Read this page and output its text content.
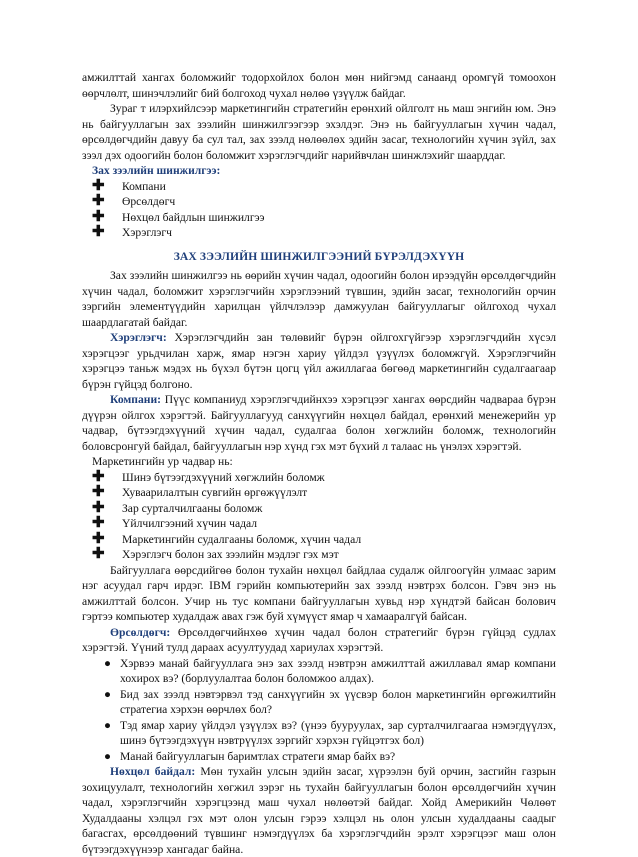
амжилттай хангах боломжийг тодорхойлох болон мөн нийгэмд санаанд оромгүй томоохон өөрчлөлт, шинэчлэлийг бий болгоход чухал нөлөө үзүүлж байдаг.

Зураг т илэрхийлсээр маркетингийн стратегийн ерөнхий ойлголт нь маш энгийн юм. Энэ нь байгууллагын зах зээлийн шинжилгээгээр эхэлдэг. Энэ нь байгууллагын хүчин чадал, өрсөлдөгчдийн давуу ба сул тал, зах зээлд нөлөөлөх эдийн засаг, технологийн хүчин зүйл, зах зээл дэх одоогийн болон боломжит хэрэглэгчдийг нарийвчлан шинжлэхийг шаарддаг.

Зах зээлийн шинжилгээ:
✚ Компани
✚ Өрсөлдөгч
✚ Нөхцөл байдлын шинжилгээ
✚ Хэрэглэгч
ЗАХ ЗЭЭЛИЙН ШИНЖИЛГЭЭНИЙ БҮРЭЛДЭХҮҮН

Зах зээлийн шинжилгээ нь өөрийн хүчин чадал, одоогийн болон ирээдүйн өрсөлдөгчдийн хүчин чадал, боломжит хэрэглэгчийн хэрэглээний түвшин, эдийн засаг, технологийн орчин зэргийн элементүүдийн харилцан үйлчлэлээр дамжуулан байгууллагыг ойлгоход чухал шаардлагатай байдаг.

Хэрэглэгч: Хэрэглэгчдийн зан төлөвийг бүрэн ойлгохгүйгээр хэрэглэгчдийн хүсэл хэрэгцээг урьдчилан харж, ямар нэгэн хариу үйлдэл үзүүлэх боломжгүй. Хэрэглэгчийн хэрэгцээ таньж мэдэх нь бүхэл бүтэн цогц үйл ажиллагаа бөгөөд маркетингийн судалгаагаар бүрэн гүйцэд болгоно.

Компани: Пүүс компаниуд хэрэглэгчдийнхээ хэрэгцээг хангах өөрсдийн чадвараа бүрэн дүүрэн ойлгох хэрэгтэй. Байгууллагууд санхүүгийн нөхцөл байдал, ерөнхий менежерийн ур чадвар, бүтээгдэхүүний хүчин чадал, судалгаа болон хөгжлийн боломж, технологийн боловсронгуй байдал, байгууллагын нэр хүнд гэх мэт бүхий л талаас нь үнэлэх хэрэгтэй.

Маркетингийн ур чадвар нь:
✚ Шинэ бүтээгдэхүүний хөгжлийн боломж
✚ Хуваарилалтын сувгийн өргөжүүлэлт
✚ Зар сурталчилгааны боломж
✚ Үйлчилгээний хүчин чадал
✚ Маркетингийн судалгааны боломж, хүчин чадал
✚ Хэрэглэгч болон зах зээлийн мэдлэг гэх мэт

Байгууллага өөрсдийгөө болон тухайн нөхцөл байдлаа судалж ойлгоогүйн улмаас зарим нэг асуудал гарч ирдэг. IBM гэрийн компьютерийн зах зээлд нэвтрэх болсон. Гэвч энэ нь амжилттай болсон. Учир нь тус компани байгууллагын хувьд нэр хүндтэй байсан болович гэртээ компьютер худалдаж авах гэж буй хүмүүст ямар ч хамааралгүй байсан.

Өрсөлдөгч: Өрсөлдөгчийнхөө хүчин чадал болон стратегийг бүрэн гүйцэд судлах хэрэгтэй. Үүний тулд дараах асуултуудад хариулах хэрэгтэй.

● Хэрвээ манай байгууллага энэ зах зээлд нэвтрэн амжилттай ажиллавал ямар компани хохирох вэ? (борлуулалтаа болон боломжоо алдах).
● Бид зах зээлд нэвтэрвэл тэд санхүүгийн эх үүсвэр болон маркетингийн өргөжилтийн стратегиа хэрхэн өөрчлөх бол?
● Тэд ямар хариу үйлдэл үзүүлэх вэ? (үнээ бууруулах, зар сурталчилгаагаа нэмэгдүүлэх, шинэ бүтээгдэхүүн нэвтрүүлэх зэргийг хэрхэн гүйцэтгэх бол)
● Манай байгууллагын баримтлах стратеги ямар байх вэ?

Нөхцөл байдал: Мөн тухайн улсын эдийн засаг, хүрээлэн буй орчин, засгийн газрын зохицуулалт, технологийн хөгжил зэрэг нь тухайн байгууллагын болон өрсөлдөгчийн хүчин чадал, хэрэглэгчийн хэрэгцээнд маш чухал нөлөөтэй байдаг. Хойд Америкийн Чөлөөт Худалдааны хэлцэл гэх мэт олон улсын гэрээ хэлцэл нь олон улсын худалдааны саадыг багасгах, өрсөлдөөний түвшинг нэмэгдүүлэх ба хэрэглэгчдийн эрэлт хэрэгцээг маш олон бүтээгдэхүүнээр хангадаг байна.
